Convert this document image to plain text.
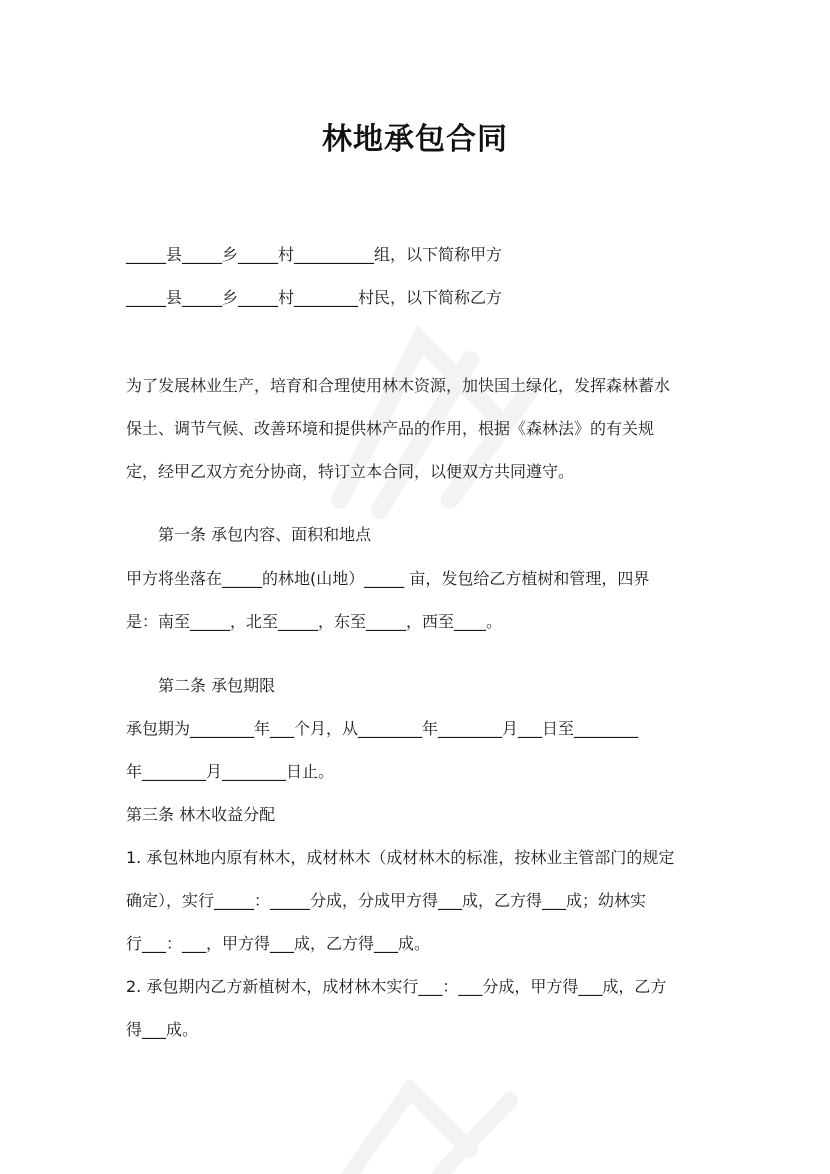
林地承包合同
_____县_____乡_____村__________组，以下简称甲方
_____县_____乡_____村________村民，以下简称乙方
为了发展林业生产，培育和合理使用林木资源，加快国土绿化，发挥森林蓄水
保土、调节气候、改善环境和提供林产品的作用，根据《森林法》的有关规
定，经甲乙双方充分协商，特订立本合同，以便双方共同遵守。
第一条 承包内容、面积和地点
甲方将坐落在_____的林地(山地）_____ 亩，发包给乙方植树和管理，四界
是：南至_____，北至_____，东至_____，西至____。
第二条 承包期限
承包期为________年___个月，从________年________月___日至________
年________月________日止。
第三条 林木收益分配
1. 承包林地内原有林木，成材林木（成材林木的标准，按林业主管部门的规定
确定），实行_____：_____分成，分成甲方得___成，乙方得___成；幼林实
行___：___，甲方得___成，乙方得___成。
2. 承包期内乙方新植树木，成材林木实行___：___分成，甲方得___成，乙方
得___成。
